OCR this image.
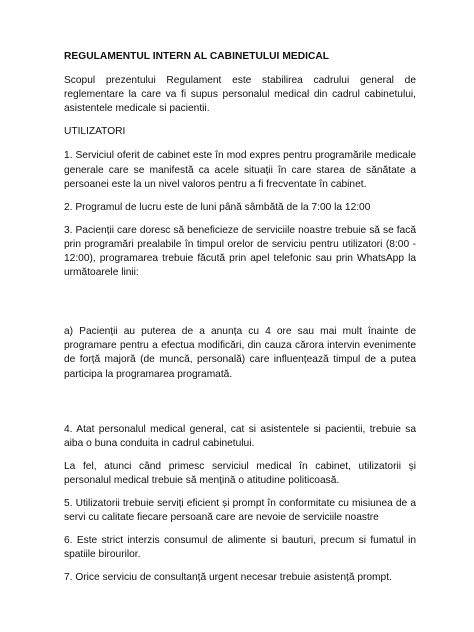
REGULAMENTUL INTERN AL CABINETULUI MEDICAL
Scopul prezentului Regulament este stabilirea cadrului general de reglementare la care va fi supus personalul medical din cadrul cabinetului, asistentele medicale si pacientii.
UTILIZATORI
1. Serviciul oferit de cabinet este în mod expres pentru programările medicale generale care se manifestă ca acele situații în care starea de sănătate a persoanei este la un nivel valoros pentru a fi frecventate în cabinet.
2. Programul de lucru este de luni până sâmbătă de la 7:00 la 12:00
3. Pacienții care doresc să beneficieze de serviciile noastre trebuie să se facă prin programări prealabile în timpul orelor de serviciu pentru utilizatori (8:00 - 12:00), programarea trebuie făcută prin apel telefonic sau prin WhatsApp la următoarele linii:
a) Pacienții au puterea de a anunța cu 4 ore sau mai mult înainte de programare pentru a efectua modificări, din cauza cărora intervin evenimente de forță majoră (de muncă, personală) care influențează timpul de a putea participa la programarea programată.
4. Atat personalul medical general, cat si asistentele si pacientii, trebuie sa aiba o buna conduita in cadrul cabinetului.
La fel, atunci când primesc serviciul medical în cabinet, utilizatorii și personalul medical trebuie să mențină o atitudine politicoasă.
5. Utilizatorii trebuie serviți eficient și prompt în conformitate cu misiunea de a servi cu calitate fiecare persoană care are nevoie de serviciile noastre
6. Este strict interzis consumul de alimente si bauturi, precum si fumatul in spatiile birourilor.
7. Orice serviciu de consultanță urgent necesar trebuie asistență prompt.
